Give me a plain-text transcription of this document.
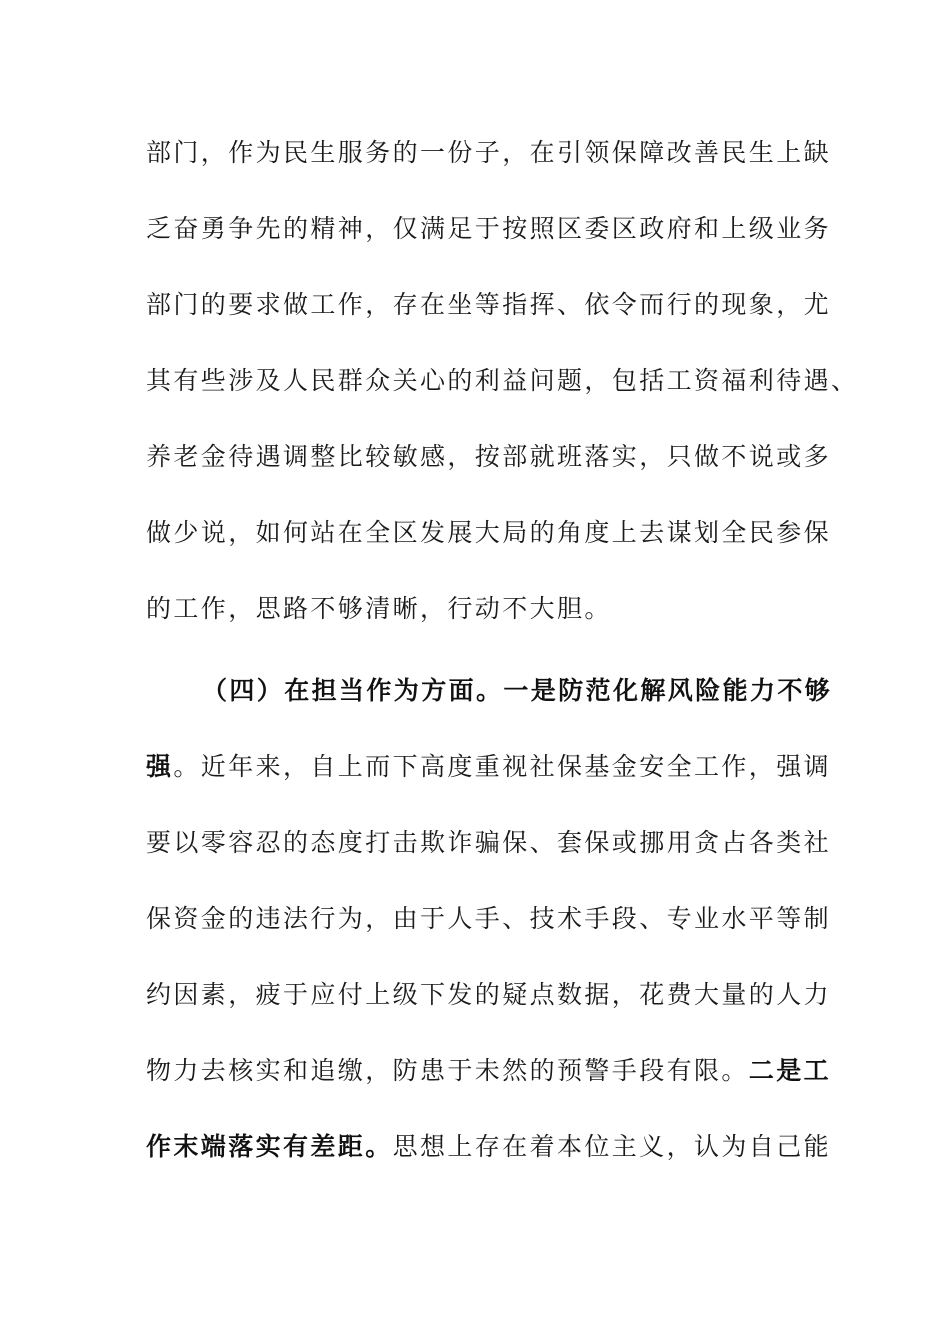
部门，作为民生服务的一份子，在引领保障改善民生上缺
乏奋勇争先的精神，仅满足于按照区委区政府和上级业务
部门的要求做工作，存在坐等指挥、依令而行的现象，尤
其有些涉及人民群众关心的利益问题，包括工资福利待遇、
养老金待遇调整比较敏感，按部就班落实，只做不说或多
做少说，如何站在全区发展大局的角度上去谋划全民参保
的工作，思路不够清晰，行动不大胆。
（四）在担当作为方面。一是防范化解风险能力不够
强。近年来，自上而下高度重视社保基金安全工作，强调
要以零容忍的态度打击欺诈骗保、套保或挪用贪占各类社
保资金的违法行为，由于人手、技术手段、专业水平等制
约因素，疲于应付上级下发的疑点数据，花费大量的人力
物力去核实和追缴，防患于未然的预警手段有限。二是工
作末端落实有差距。思想上存在着本位主义，认为自己能
